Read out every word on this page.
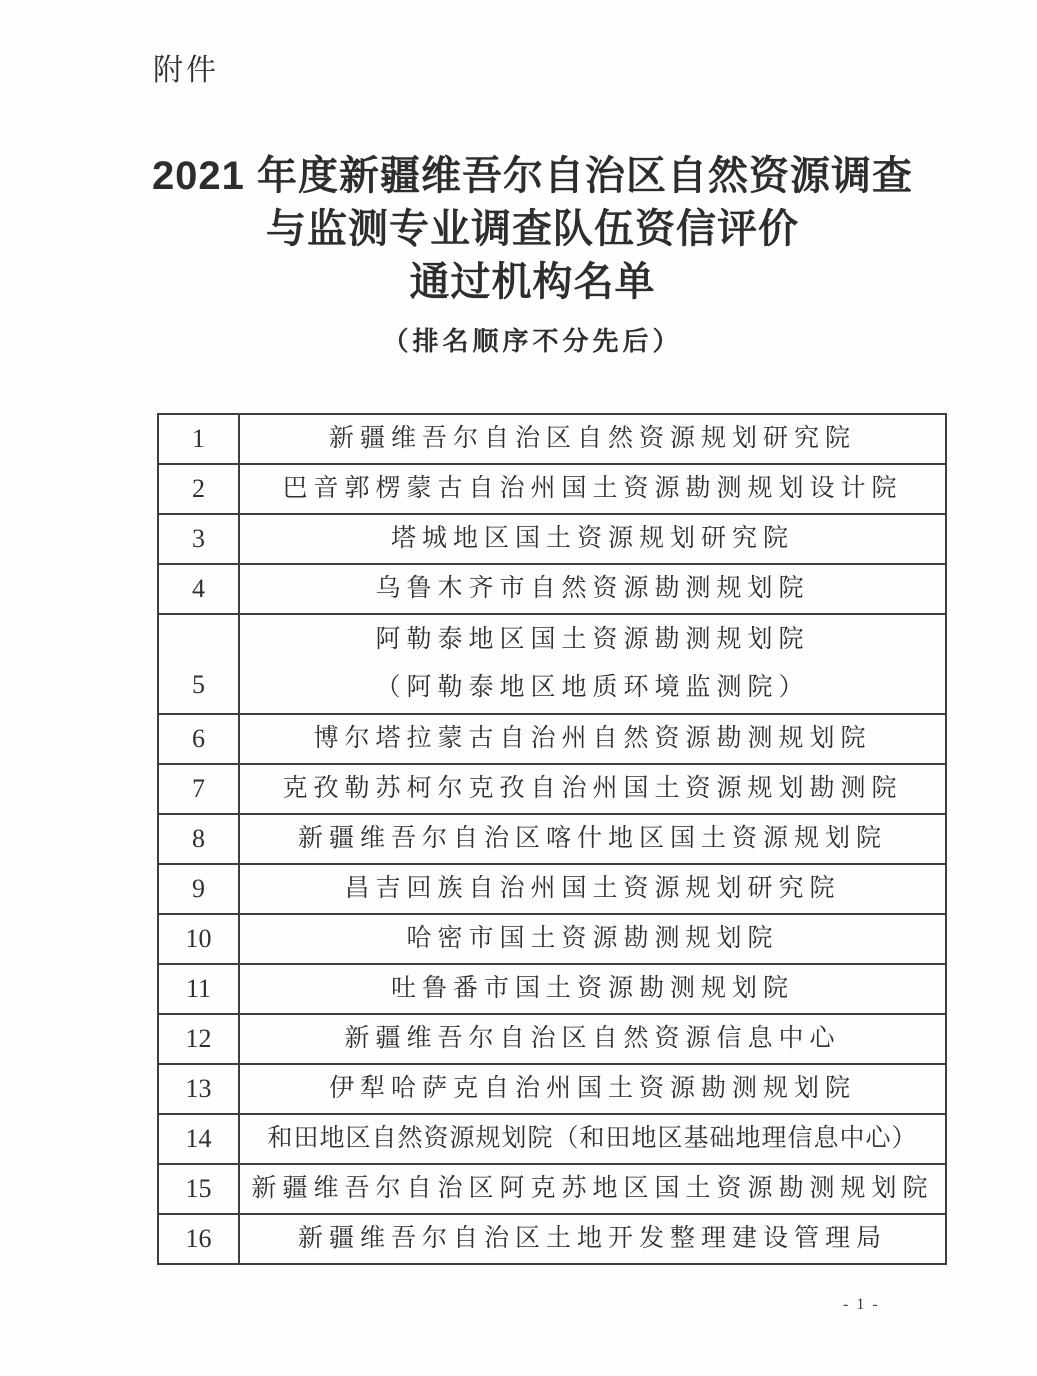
附件
2021 年度新疆维吾尔自治区自然资源调查
与监测专业调查队伍资信评价
通过机构名单
（排名顺序不分先后）
1	新疆维吾尔自治区自然资源规划研究院

2	巴音郭楞蒙古自治州国土资源勘测规划设计院

3	塔城地区国土资源规划研究院

4	乌鲁木齐市自然资源勘测规划院

5	阿勒泰地区国土资源勘测规划院
（阿勒泰地区地质环境监测院）

6	博尔塔拉蒙古自治州自然资源勘测规划院

7	克孜勒苏柯尔克孜自治州国土资源规划勘测院

8	新疆维吾尔自治区喀什地区国土资源规划院

9	昌吉回族自治州国土资源规划研究院

10	哈密市国土资源勘测规划院

11	吐鲁番市国土资源勘测规划院

12	新疆维吾尔自治区自然资源信息中心

13	伊犁哈萨克自治州国土资源勘测规划院

14	和田地区自然资源规划院（和田地区基础地理信息中心）

15	新疆维吾尔自治区阿克苏地区国土资源勘测规划院

16	新疆维吾尔自治区土地开发整理建设管理局
- 1 -
